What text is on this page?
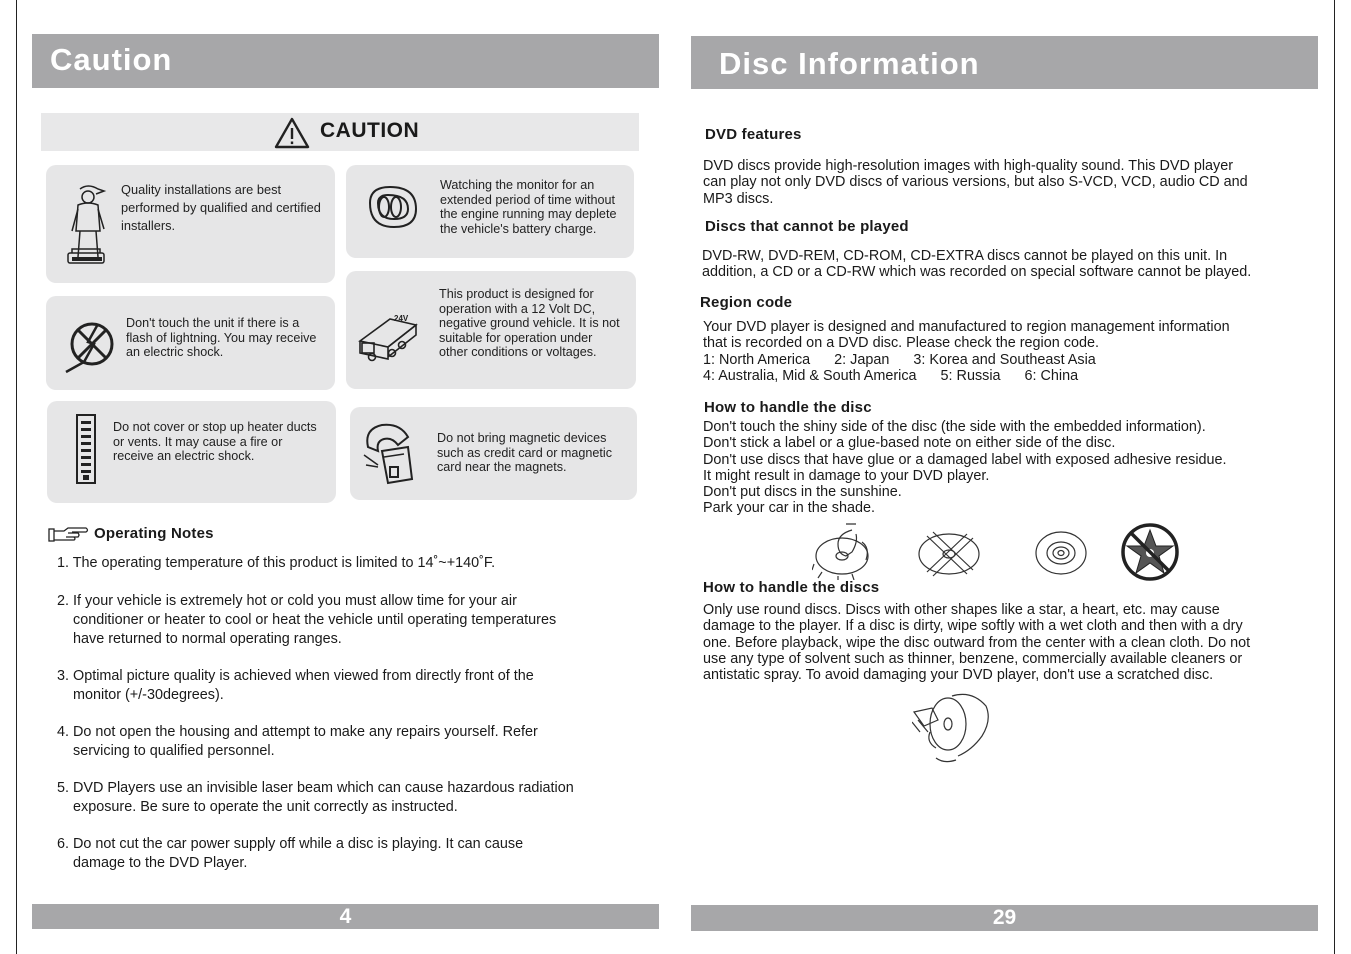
Caution
CAUTION
Quality installations are best performed by qualified and certified installers.
Watching the monitor for an extended period of time without the engine running may deplete the vehicle's battery charge.
Don't touch the unit if there is a flash of lightning. You may receive an electric shock.
24V
This product is designed for operation with a 12 Volt DC, negative ground vehicle. It is not suitable for operation under other conditions or voltages.
Do not cover or stop up heater ducts or vents. It may cause a fire or receive an electric shock.
Do not bring magnetic devices such as credit card or magnetic card near the magnets.
Operating Notes
1. The operating temperature of this product is limited to 14˚~+140˚F.
2. If your vehicle is extremely hot or cold you must allow time for your air
conditioner or heater to cool or heat the vehicle until operating temperatures
have returned to normal operating ranges.
3. Optimal picture quality is achieved when viewed from directly front of the
monitor (+/-30degrees).
4. Do not open the housing and attempt to make any repairs yourself. Refer
servicing to qualified personnel.
5. DVD Players use an invisible laser beam which can cause hazardous radiation
exposure. Be sure to operate the unit correctly as instructed.
6. Do not cut the car power supply off while a disc is playing. It can cause
damage to the DVD Player.
4
Disc Information
DVD features
DVD discs provide high-resolution images with high-quality sound. This DVD player
can play not only DVD discs of various versions, but also S-VCD, VCD, audio CD and
MP3 discs.
Discs that cannot be played
DVD-RW, DVD-REM, CD-ROM, CD-EXTRA discs cannot be played on this unit. In
addition, a CD or a CD-RW which was recorded on special software cannot be played.
Region code
Your DVD player is designed and manufactured to region management information
that is recorded on a DVD disc. Please check the region code.
1: North America      2: Japan      3: Korea and Southeast Asia
4: Australia, Mid & South America      5: Russia      6: China
How to handle the disc
Don't touch the shiny side of the disc (the side with the embedded information).
Don't stick a label or a glue-based note on either side of the disc.
Don't use discs that have glue or a damaged label with exposed adhesive residue.
It might result in damage to your DVD player.
Don't put discs in the sunshine.
Park your car in the shade.
How to handle the discs
Only use round discs. Discs with other shapes like a star, a heart, etc. may cause
damage to the player. If a disc is dirty, wipe softly with a wet cloth and then with a dry
one. Before playback, wipe the disc outward from the center with a clean cloth. Do not
use any type of solvent such as thinner, benzene, commercially available cleaners or
antistatic spray. To avoid damaging your DVD player, don't use a scratched disc.
29
